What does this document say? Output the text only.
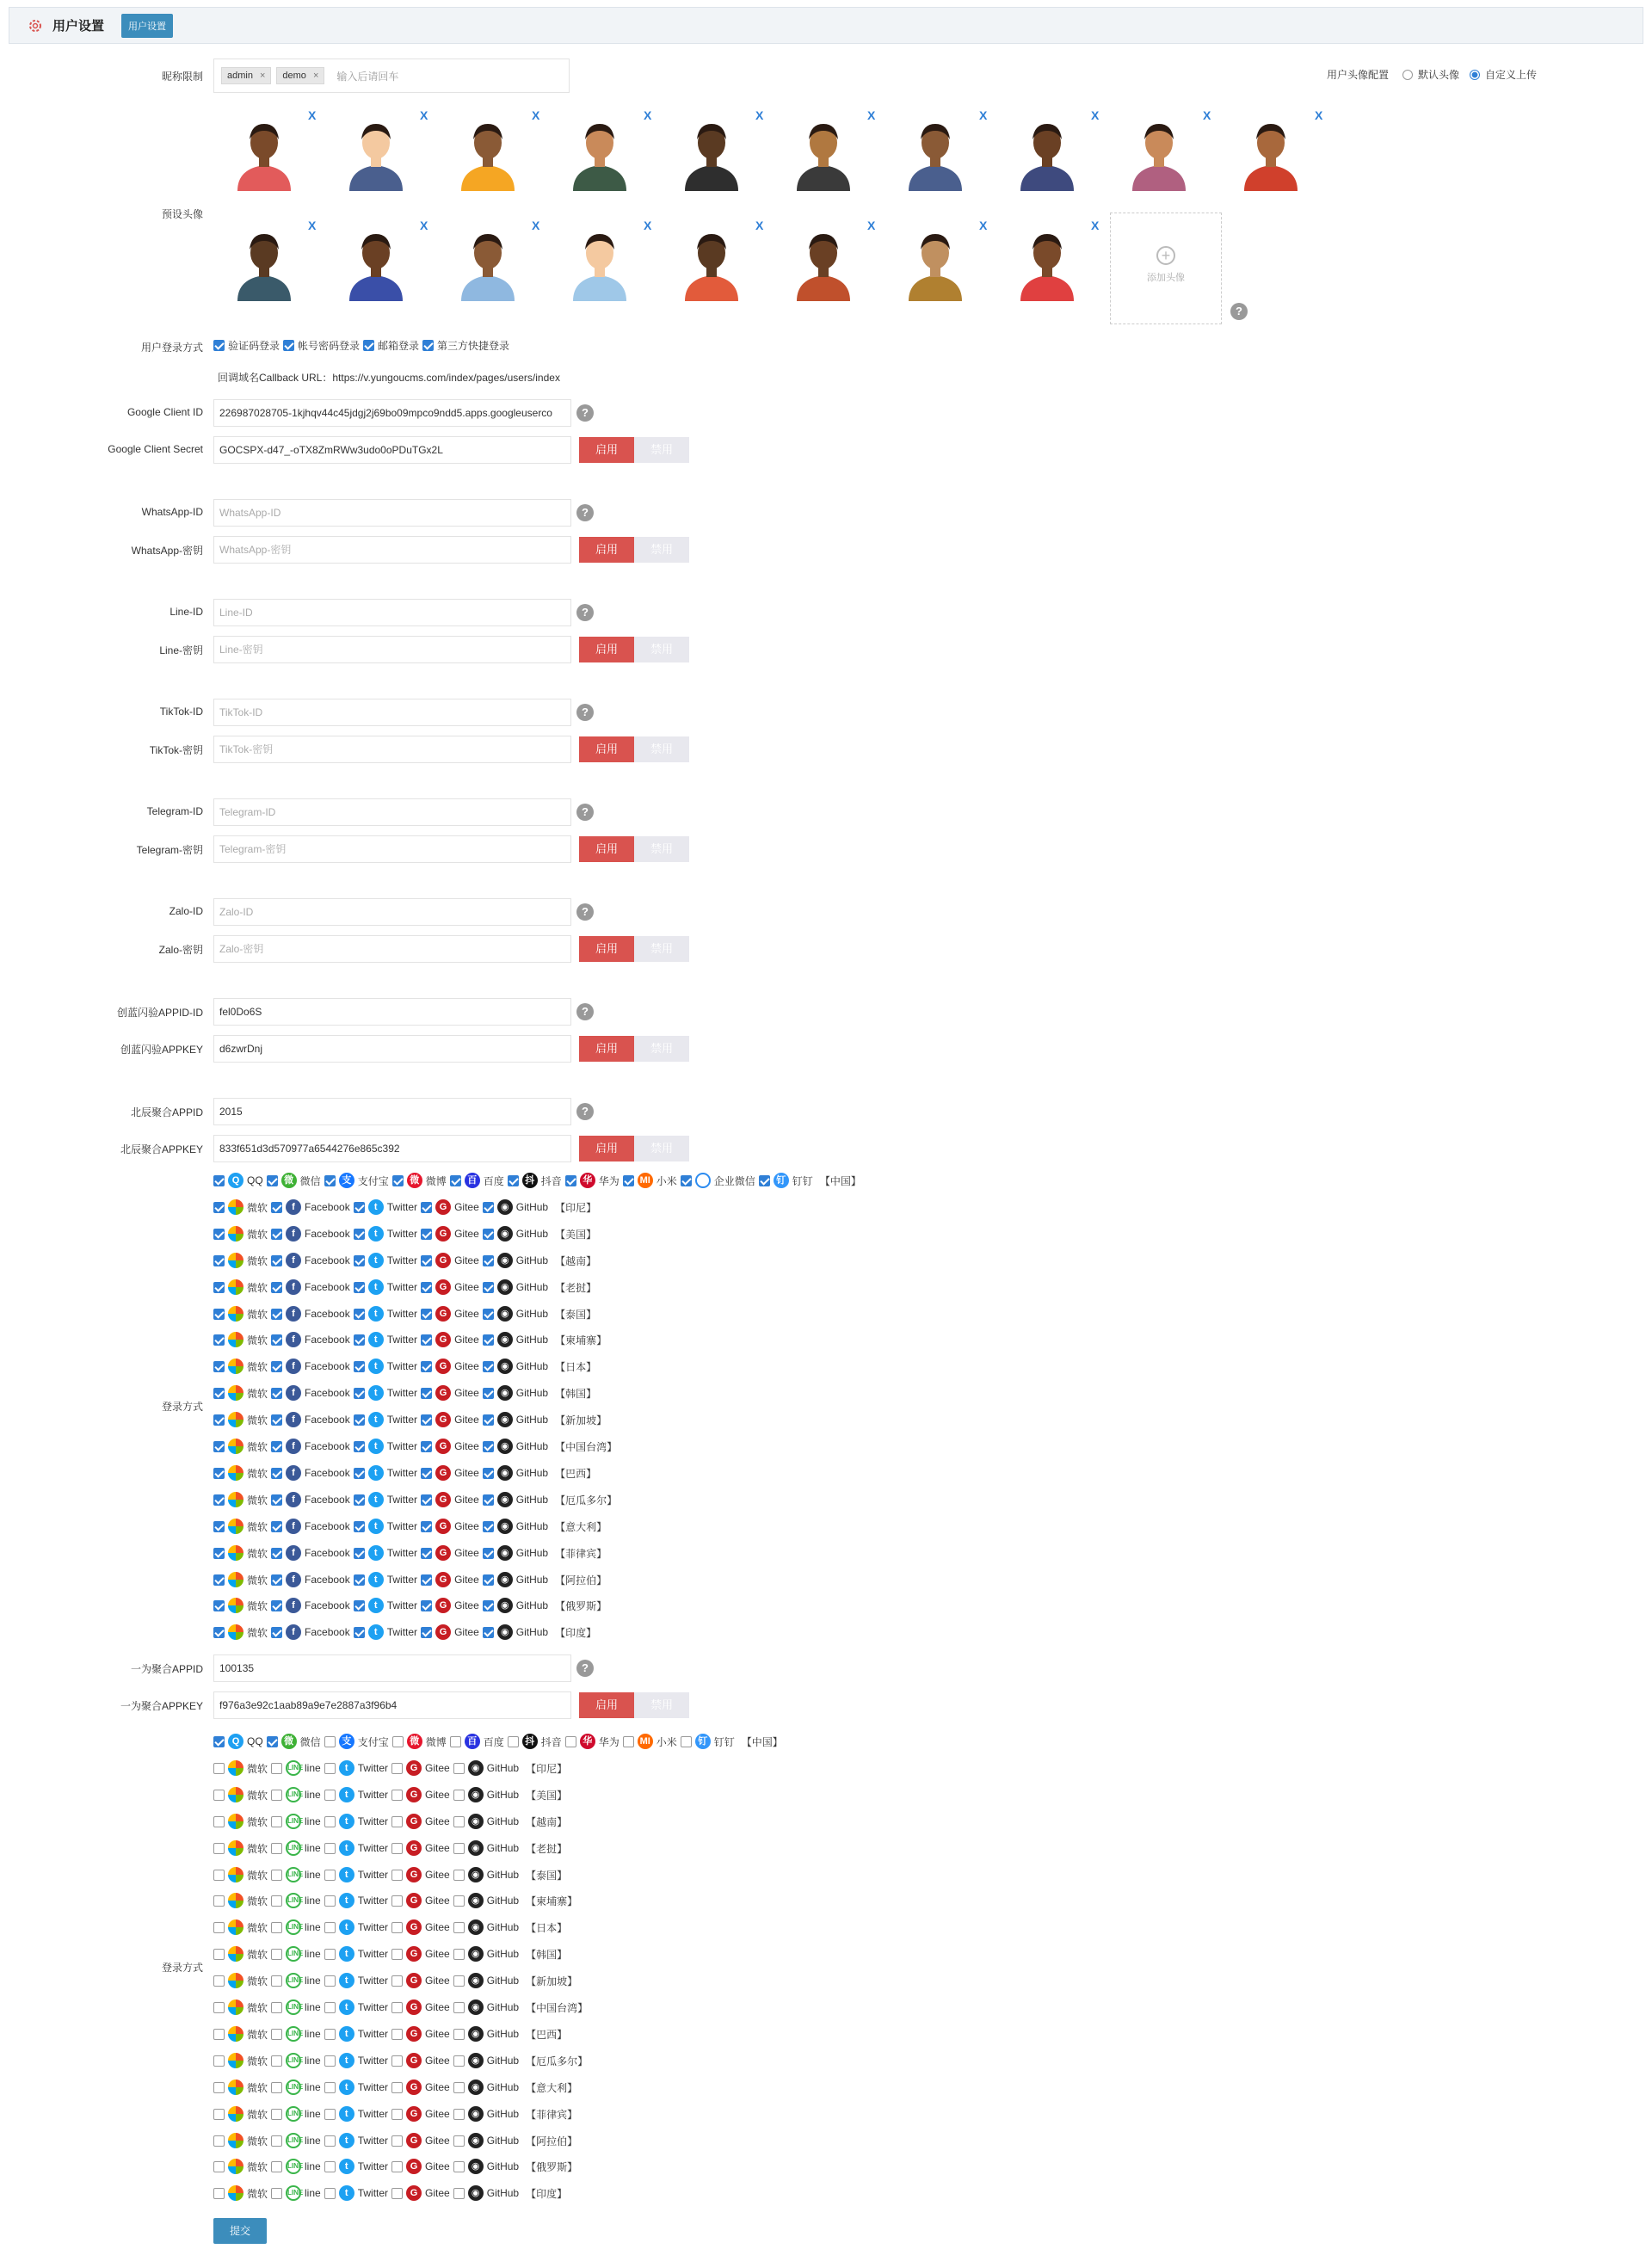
用户设置	用户设置
昵称限制	admin × demo × 输入后请回车	用户头像配置	默认头像	自定义上传
预设头像
X	X	X	X	X	X	X	X	X	X
X	X	X	X	X	X	X	X
+
添加头像
?
用户登录方式 验证码登录 帐号密码登录 邮箱登录 第三方快捷登录
回调域名Callback URL：https://v.yungoucms.com/index/pages/users/index
Google Client ID	226987028705-1kjhqv44c45jdgj2j69bo09mpco9ndd5.apps.googleuserco	?
Google Client Secret	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	启用	禁用
WhatsApp-ID	WhatsApp-ID	?
WhatsApp-密钥	WhatsApp-密钥	启用	禁用
Line-ID	Line-ID	?
Line-密钥	Line-密钥	启用	禁用
TikTok-ID	TikTok-ID	?
TikTok-密钥	TikTok-密钥	启用	禁用
Telegram-ID	Telegram-ID	?
Telegram-密钥	Telegram-密钥	启用	禁用
Zalo-ID	Zalo-ID	?
Zalo-密钥	Zalo-密钥	启用	禁用
创蓝闪验APPID-ID	fel0Do6S	?
创蓝闪验APPKEY	d6zwrDnj	启用	禁用
北辰聚合APPID	2015	?
北辰聚合APPKEY	833f651d3d570977a6544276e865c392	启用	禁用
一为聚合APPID	100135	?
一为聚合APPKEY	f976a3e92c1aab89a9e7e2887a3f96b4	启用	禁用
登录方式
Q QQ	微 微信	支 支付宝	微 微博	百 百度	抖 抖音	华 华为 MI 小米	企业微信	钉 钉钉 【中国】
微软	f Facebook	t Twitter	G Gitee	◉ GitHub 【印尼】
微软	f Facebook	t Twitter	G Gitee	◉ GitHub 【美国】
微软	f Facebook	t Twitter	G Gitee	◉ GitHub 【越南】
微软	f Facebook	t Twitter	G Gitee	◉ GitHub 【老挝】
微软	f Facebook	t Twitter	G Gitee	◉ GitHub 【泰国】
微软	f Facebook	t Twitter	G Gitee	◉ GitHub 【柬埔寨】
微软	f Facebook	t Twitter	G Gitee	◉ GitHub 【日本】
微软	f Facebook	t Twitter	G Gitee	◉ GitHub 【韩国】
微软	f Facebook	t Twitter	G Gitee	◉ GitHub 【新加坡】
微软	f Facebook	t Twitter	G Gitee	◉ GitHub 【中国台湾】
微软	f Facebook	t Twitter	G Gitee	◉ GitHub 【巴西】
微软	f Facebook	t Twitter	G Gitee	◉ GitHub 【厄瓜多尔】
微软	f Facebook	t Twitter	G Gitee	◉ GitHub 【意大利】
微软	f Facebook	t Twitter	G Gitee	◉ GitHub 【菲律宾】
微软	f Facebook	t Twitter	G Gitee	◉ GitHub 【阿拉伯】
微软	f Facebook	t Twitter	G Gitee	◉ GitHub 【俄罗斯】
微软	f Facebook	t Twitter	G Gitee	◉ GitHub 【印度】
登录方式
Q QQ	微 微信	支 支付宝	微 微博	百 百度	抖 抖音	华 华为 MI 小米	钉 钉钉 【中国】
微软	LINE line	t Twitter	G Gitee	◉ GitHub 【印尼】
微软	LINE line	t Twitter	G Gitee	◉ GitHub 【美国】
微软	LINE line	t Twitter	G Gitee	◉ GitHub 【越南】
微软	LINE line	t Twitter	G Gitee	◉ GitHub 【老挝】
微软	LINE line	t Twitter	G Gitee	◉ GitHub 【泰国】
微软	LINE line	t Twitter	G Gitee	◉ GitHub 【柬埔寨】
微软	LINE line	t Twitter	G Gitee	◉ GitHub 【日本】
微软	LINE line	t Twitter	G Gitee	◉ GitHub 【韩国】
微软	LINE line	t Twitter	G Gitee	◉ GitHub 【新加坡】
微软	LINE line	t Twitter	G Gitee	◉ GitHub 【中国台湾】
微软	LINE line	t Twitter	G Gitee	◉ GitHub 【巴西】
微软	LINE line	t Twitter	G Gitee	◉ GitHub 【厄瓜多尔】
微软	LINE line	t Twitter	G Gitee	◉ GitHub 【意大利】
微软	LINE line	t Twitter	G Gitee	◉ GitHub 【菲律宾】
微软	LINE line	t Twitter	G Gitee	◉ GitHub 【阿拉伯】
微软	LINE line	t Twitter	G Gitee	◉ GitHub 【俄罗斯】
微软	LINE line	t Twitter	G Gitee	◉ GitHub 【印度】
提交
